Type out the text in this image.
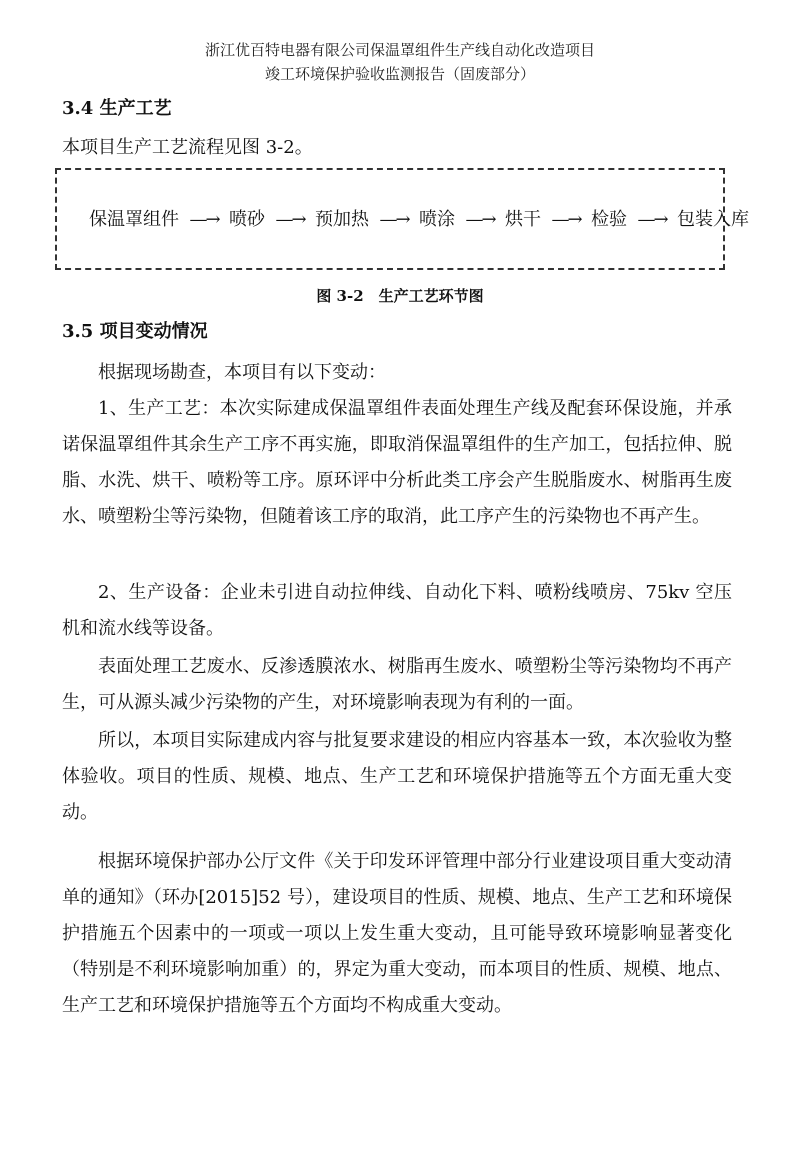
浙江优百特电器有限公司保温罩组件生产线自动化改造项目
竣工环境保护验收监测报告（固废部分）
3.4 生产工艺
本项目生产工艺流程见图 3-2。
保温罩组件 —→ 喷砂 —→ 预加热 —→ 喷涂 —→ 烘干 —→ 检验 —→ 包装入库
图 3-2　生产工艺环节图
3.5 项目变动情况

根据现场勘查，本项目有以下变动：

1、生产工艺：本次实际建成保温罩组件表面处理生产线及配套环保设施，并承诺保温罩组件其余生产工序不再实施，即取消保温罩组件的生产加工，包括拉伸、脱脂、水洗、烘干、喷粉等工序。原环评中分析此类工序会产生脱脂废水、树脂再生废水、喷塑粉尘等污染物，但随着该工序的取消，此工序产生的污染物也不再产生。

2、生产设备：企业未引进自动拉伸线、自动化下料、喷粉线喷房、75kv 空压机和流水线等设备。

表面处理工艺废水、反渗透膜浓水、树脂再生废水、喷塑粉尘等污染物均不再产生，可从源头减少污染物的产生，对环境影响表现为有利的一面。

所以，本项目实际建成内容与批复要求建设的相应内容基本一致，本次验收为整体验收。项目的性质、规模、地点、生产工艺和环境保护措施等五个方面无重大变动。

根据环境保护部办公厅文件《关于印发环评管理中部分行业建设项目重大变动清单的通知》（环办[2015]52 号），建设项目的性质、规模、地点、生产工艺和环境保护措施五个因素中的一项或一项以上发生重大变动，且可能导致环境影响显著变化（特别是不利环境影响加重）的，界定为重大变动，而本项目的性质、规模、地点、生产工艺和环境保护措施等五个方面均不构成重大变动。
